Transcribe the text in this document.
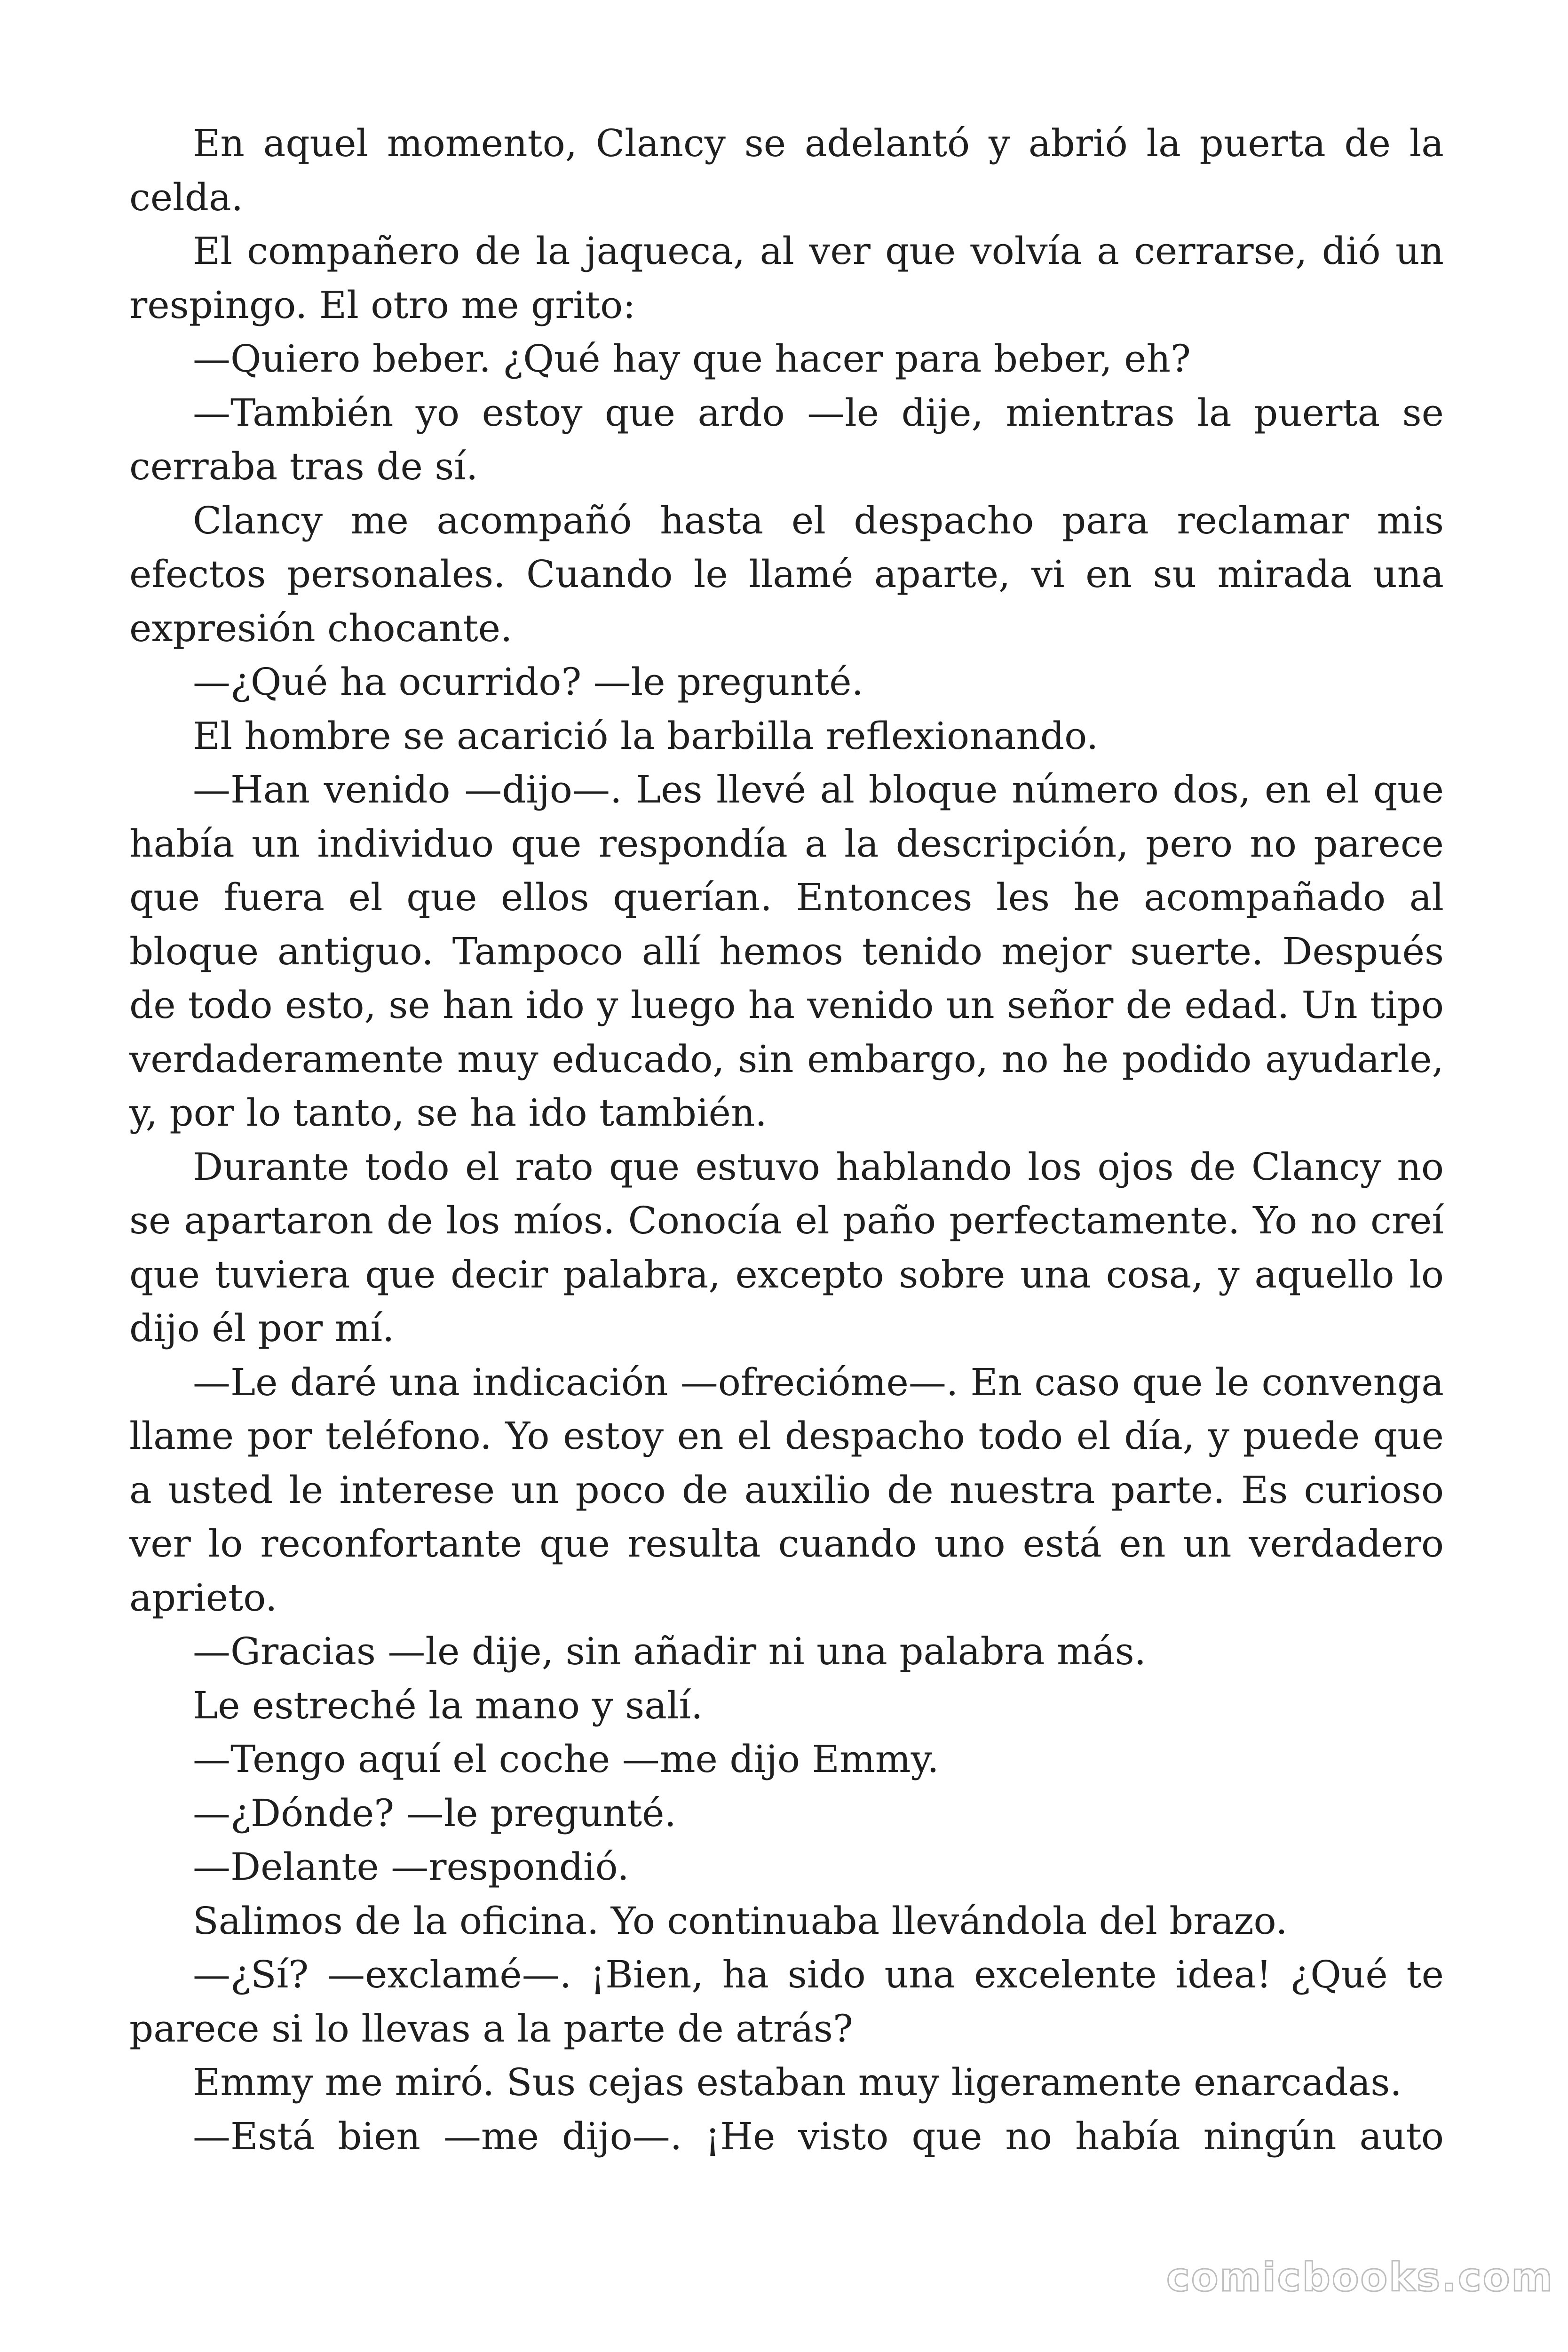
En aquel momento, Clancy se adelantó y abrió la puerta de la celda.

El compañero de la jaqueca, al ver que volvía a cerrarse, dió un respingo. El otro me grito:

—Quiero beber. ¿Qué hay que hacer para beber, eh?

—También yo estoy que ardo —le dije, mientras la puerta se cerraba tras de sí.

Clancy me acompañó hasta el despacho para reclamar mis efectos personales. Cuando le llamé aparte, vi en su mirada una expresión chocante.

—¿Qué ha ocurrido? —le pregunté.

El hombre se acarició la barbilla reflexionando.

—Han venido —dijo—. Les llevé al bloque número dos, en el que había un individuo que respondía a la descripción, pero no parece que fuera el que ellos querían. Entonces les he acompañado al bloque antiguo. Tampoco allí hemos tenido mejor suerte. Después de todo esto, se han ido y luego ha venido un señor de edad. Un tipo verdaderamente muy educado, sin embargo, no he podido ayudarle, y, por lo tanto, se ha ido también.

Durante todo el rato que estuvo hablando los ojos de Clancy no se apartaron de los míos. Conocía el paño perfectamente. Yo no creí que tuviera que decir palabra, excepto sobre una cosa, y aquello lo dijo él por mí.

—Le daré una indicación —ofrecióme—. En caso que le convenga llame por teléfono. Yo estoy en el despacho todo el día, y puede que a usted le interese un poco de auxilio de nuestra parte. Es curioso ver lo reconfortante que resulta cuando uno está en un verdadero aprieto.

—Gracias —le dije, sin añadir ni una palabra más.

Le estreché la mano y salí.

—Tengo aquí el coche —me dijo Emmy.

—¿Dónde? —le pregunté.

—Delante —respondió.

Salimos de la oficina. Yo continuaba llevándola del brazo.

—¿Sí? —exclamé—. ¡Bien, ha sido una excelente idea! ¿Qué te parece si lo llevas a la parte de atrás?

Emmy me miró. Sus cejas estaban muy ligeramente enarcadas.

—Está bien —me dijo—. ¡He visto que no había ningún auto

comicbooks.com
